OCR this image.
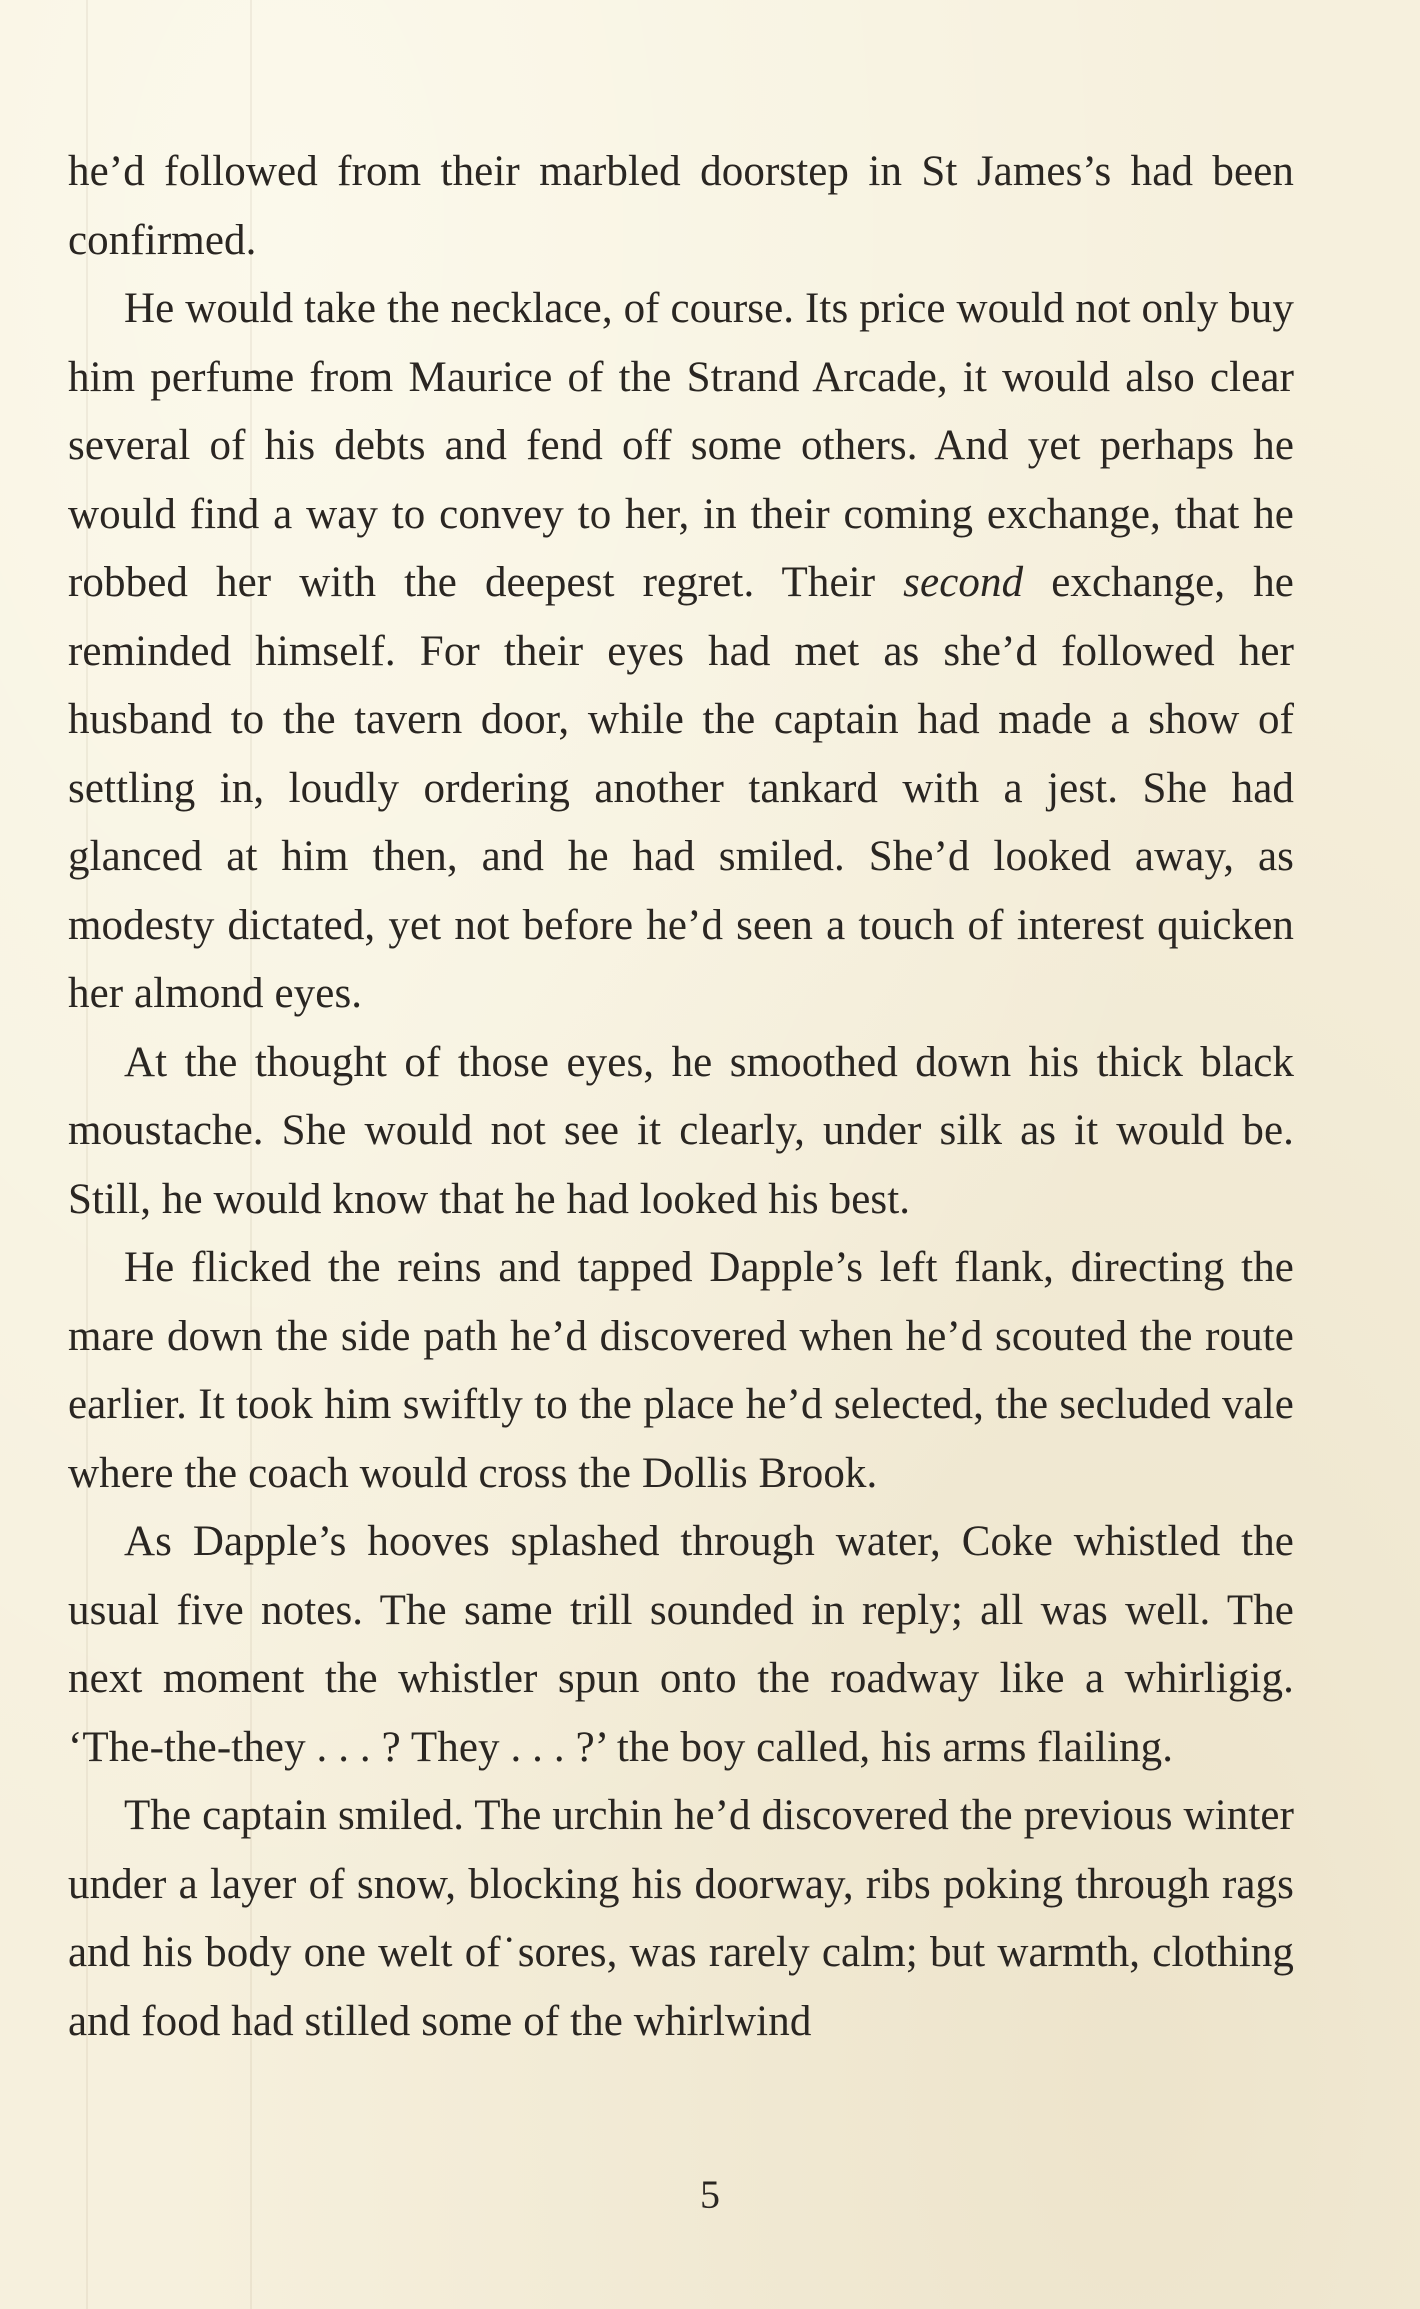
he’d followed from their marbled doorstep in St James’s had been confirmed.

He would take the necklace, of course. Its price would not only buy him perfume from Maurice of the Strand Arcade, it would also clear several of his debts and fend off some others. And yet perhaps he would find a way to convey to her, in their coming exchange, that he robbed her with the deepest regret. Their second exchange, he reminded himself. For their eyes had met as she’d followed her husband to the tavern door, while the captain had made a show of settling in, loudly ordering another tankard with a jest. She had glanced at him then, and he had smiled. She’d looked away, as modesty dictated, yet not before he’d seen a touch of interest quicken her almond eyes.

At the thought of those eyes, he smoothed down his thick black moustache. She would not see it clearly, under silk as it would be. Still, he would know that he had looked his best.

He flicked the reins and tapped Dapple’s left flank, directing the mare down the side path he’d discovered when he’d scouted the route earlier. It took him swiftly to the place he’d selected, the secluded vale where the coach would cross the Dollis Brook.

As Dapple’s hooves splashed through water, Coke whistled the usual five notes. The same trill sounded in reply; all was well. The next moment the whistler spun onto the roadway like a whirligig. ‘The-the-they . . . ? They . . . ?’ the boy called, his arms flailing.

The captain smiled. The urchin he’d discovered the previous winter under a layer of snow, blocking his doorway, ribs poking through rags and his body one welt of˙sores, was rarely calm; but warmth, clothing and food had stilled some of the whirlwind

5
